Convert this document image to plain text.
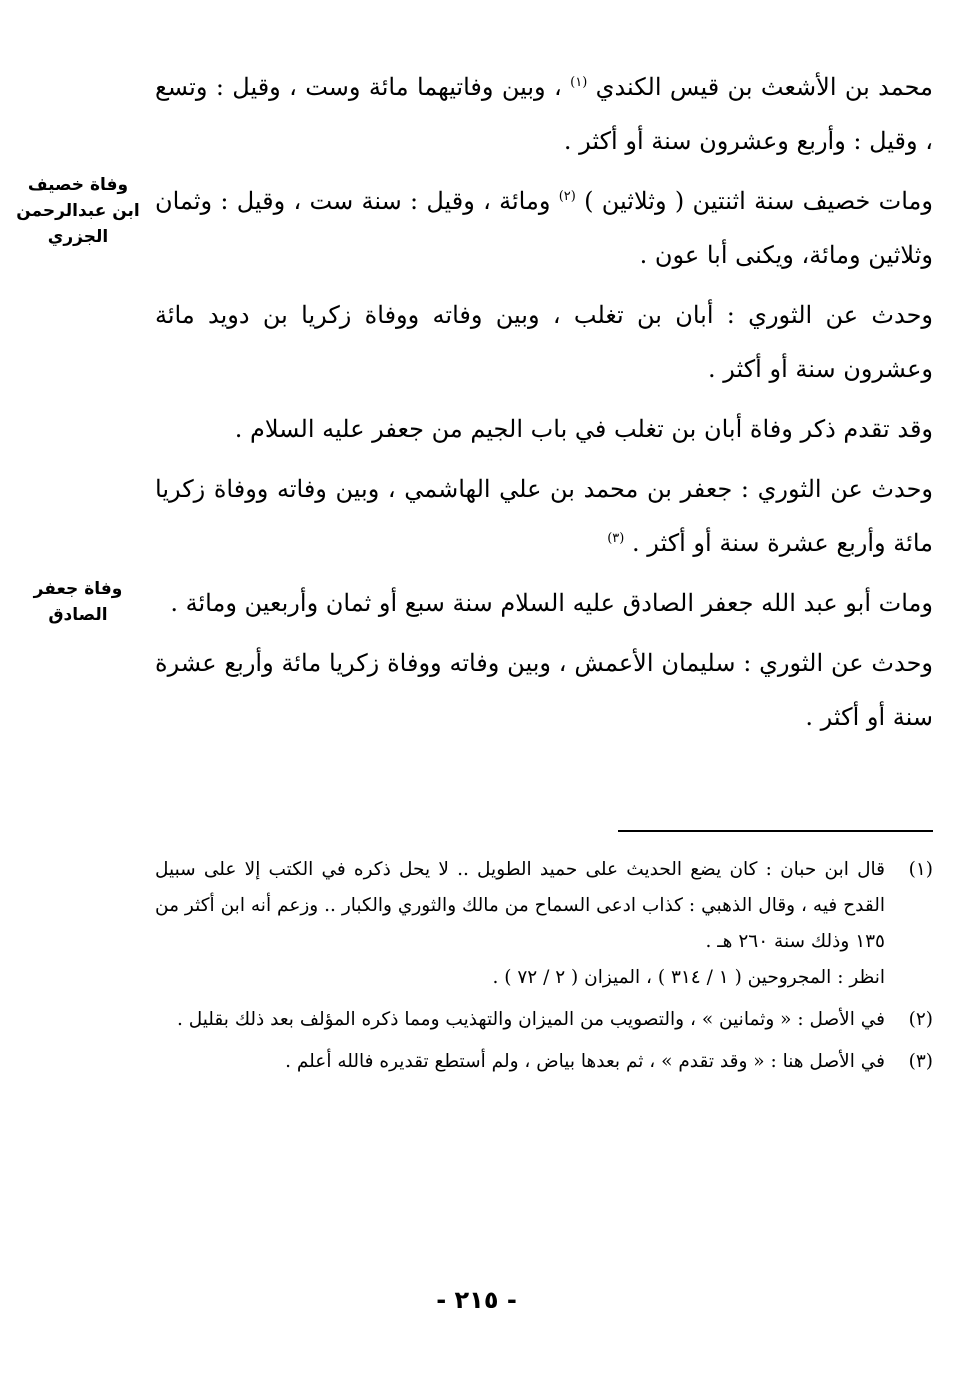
محمد بن الأشعث بن قيس الكندي $^{(١)}$ ، وبين وفاتيهما مائة وست ، وقيل : وتسع ، وقيل : وأربع وعشرون سنة أو أكثر .

ومات خصيف سنة اثنتين ( وثلاثين ) $^{(٢)}$ ومائة ، وقيل : سنة ست ، وقيل : وثمان وثلاثين ومائة، ويكنى أبا عون .

وحدث عن الثوري : أبان بن تغلب ، وبين وفاته ووفاة زكريا بن دويد مائة وعشرون سنة أو أكثر .

وقد تقدم ذكر وفاة أبان بن تغلب في باب الجيم من جعفر عليه السلام .

وحدث عن الثوري : جعفر بن محمد بن علي الهاشمي ، وبين وفاته ووفاة زكريا مائة وأربع عشرة سنة أو أكثر . $^{(٣)}$

ومات أبو عبد الله جعفر الصادق عليه السلام سنة سبع أو ثمان وأربعين ومائة .

وحدث عن الثوري : سليمان الأعمش ، وبين وفاته ووفاة زكريا مائة وأربع عشرة سنة أو أكثر .

وفاة خصيف
ابن عبدالرحمن
الجزري
وفاة جعفر
الصادق
(١)
قال ابن حبان : كان يضع الحديث على حميد الطويل .. لا يحل ذكره في الكتب إلا على سبيل القدح فيه ، وقال الذهبي : كذاب ادعى السماح من مالك والثوري والكبار .. وزعم أنه ابن أكثر من ١٣٥ وذلك سنة ٢٦٠ هـ .
انظر : المجروحين ( ١ / ٣١٤ ) ، الميزان ( ٢ / ٧٢ ) .
(٢)
في الأصل : « وثمانين » ، والتصويب من الميزان والتهذيب ومما ذكره المؤلف بعد ذلك بقليل .
(٣)
في الأصل هنا : « وقد تقدم » ، ثم بعدها بياض ، ولم أستطع تقديره فالله أعلم .
- ٢١٥ -
